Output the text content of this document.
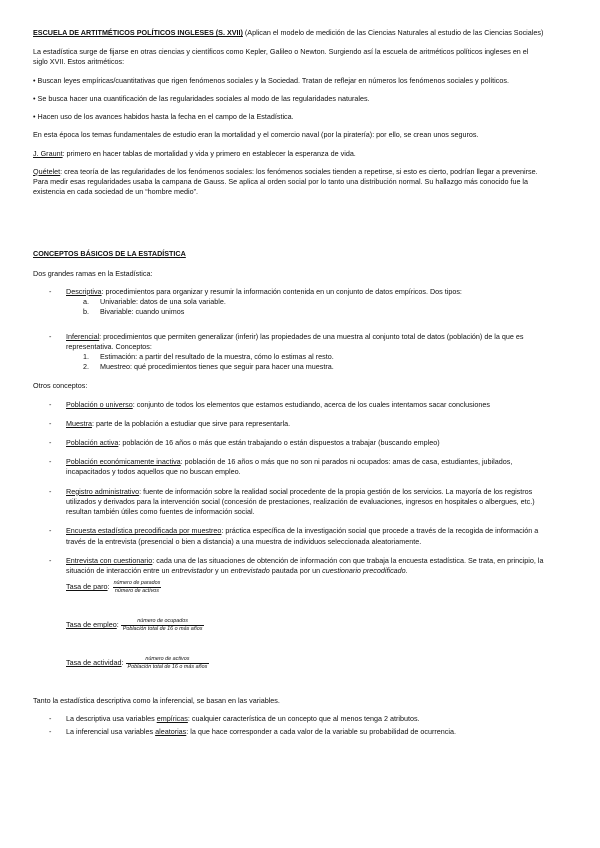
ESCUELA DE ARTITMÉTICOS POLÍTICOS INGLESES (S. XVII) (Aplican el modelo de medición de las Ciencias Naturales al estudio de las Ciencias Sociales)

La estadística surge de fijarse en otras ciencias y científicos como Kepler, Galileo o Newton. Surgiendo así la escuela de aritméticos políticos ingleses en el siglo XVII. Estos aritméticos:

• Buscan leyes empíricas/cuantitativas que rigen fenómenos sociales y la Sociedad. Tratan de reflejar en números los fenómenos sociales y políticos.

• Se busca hacer una cuantificación de las regularidades sociales al modo de las regularidades naturales.

• Hacen uso de los avances habidos hasta la fecha en el campo de la Estadística.

En esta época los temas fundamentales de estudio eran la mortalidad y el comercio naval (por la piratería): por ello, se crean unos seguros.

J. Graunt: primero en hacer tablas de mortalidad y vida y primero en establecer la esperanza de vida.

Quételet: crea teoría de las regularidades de los fenómenos sociales: los fenómenos sociales tienden a repetirse, si esto es cierto, podrían llegar a prevenirse. Para medir esas regularidades usaba la campana de Gauss. Se aplica al orden social por lo tanto una distribución normal. Su hallazgo más conocido fue la existencia en cada sociedad de un “hombre medio”.

CONCEPTOS BÁSICOS DE LA ESTADÍSTICA

Dos grandes ramas en la Estadística:

- Descriptiva: procedimientos para organizar y resumir la información contenida en un conjunto de datos empíricos. Dos tipos:
a. Univariable: datos de una sola variable.
b. Bivariable: cuando unimos
- Inferencial: procedimientos que permiten generalizar (inferir) las propiedades de una muestra al conjunto total de datos (población) de la que es representativa. Conceptos:
1. Estimación: a partir del resultado de la muestra, cómo lo estimas al resto.
2. Muestreo: qué procedimientos tienes que seguir para hacer una muestra.

Otros conceptos:

- Población o universo: conjunto de todos los elementos que estamos estudiando, acerca de los cuales intentamos sacar conclusiones
- Muestra: parte de la población a estudiar que sirve para representarla.
- Población activa: población de 16 años o más que están trabajando o están dispuestos a trabajar (buscando empleo)
- Población económicamente inactiva: población de 16 años o más que no son ni parados ni ocupados: amas de casa, estudiantes, jubilados, incapacitados y todos aquellos que no buscan empleo.
- Registro administrativo: fuente de información sobre la realidad social procedente de la propia gestión de los servicios. La mayoría de los registros utilizados y derivados para la intervención social (concesión de prestaciones, realización de evaluaciones, ingresos en hospitales o albergues, etc.) resultan también útiles como fuentes de información social.
- Encuesta estadística precodificada por muestreo: práctica específica de la investigación social que procede a través de la recogida de información a través de la entrevista (presencial o bien a distancia) a una muestra de individuos seleccionada aleatoriamente.
- Entrevista con cuestionario: cada una de las situaciones de obtención de información con que trabaja la encuesta estadística. Se trata, en principio, la situación de interacción entre un entrevistador y un entrevistado pautada por un cuestionario precodificado.
Tasa de paro: $\frac{\text{número de parados}}{\text{número de activos}}$
Tasa de empleo: $\frac{\text{número de ocupados}}{\text{Población total de 16 o más años}}$
Tasa de actividad: $\frac{\text{número de activos}}{\text{Población total de 16 o más años}}$

Tanto la estadística descriptiva como la inferencial, se basan en las variables.

- La descriptiva usa variables empíricas: cualquier característica de un concepto que al menos tenga 2 atributos.
- La inferencial usa variables aleatorias: la que hace corresponder a cada valor de la variable su probabilidad de ocurrencia.
